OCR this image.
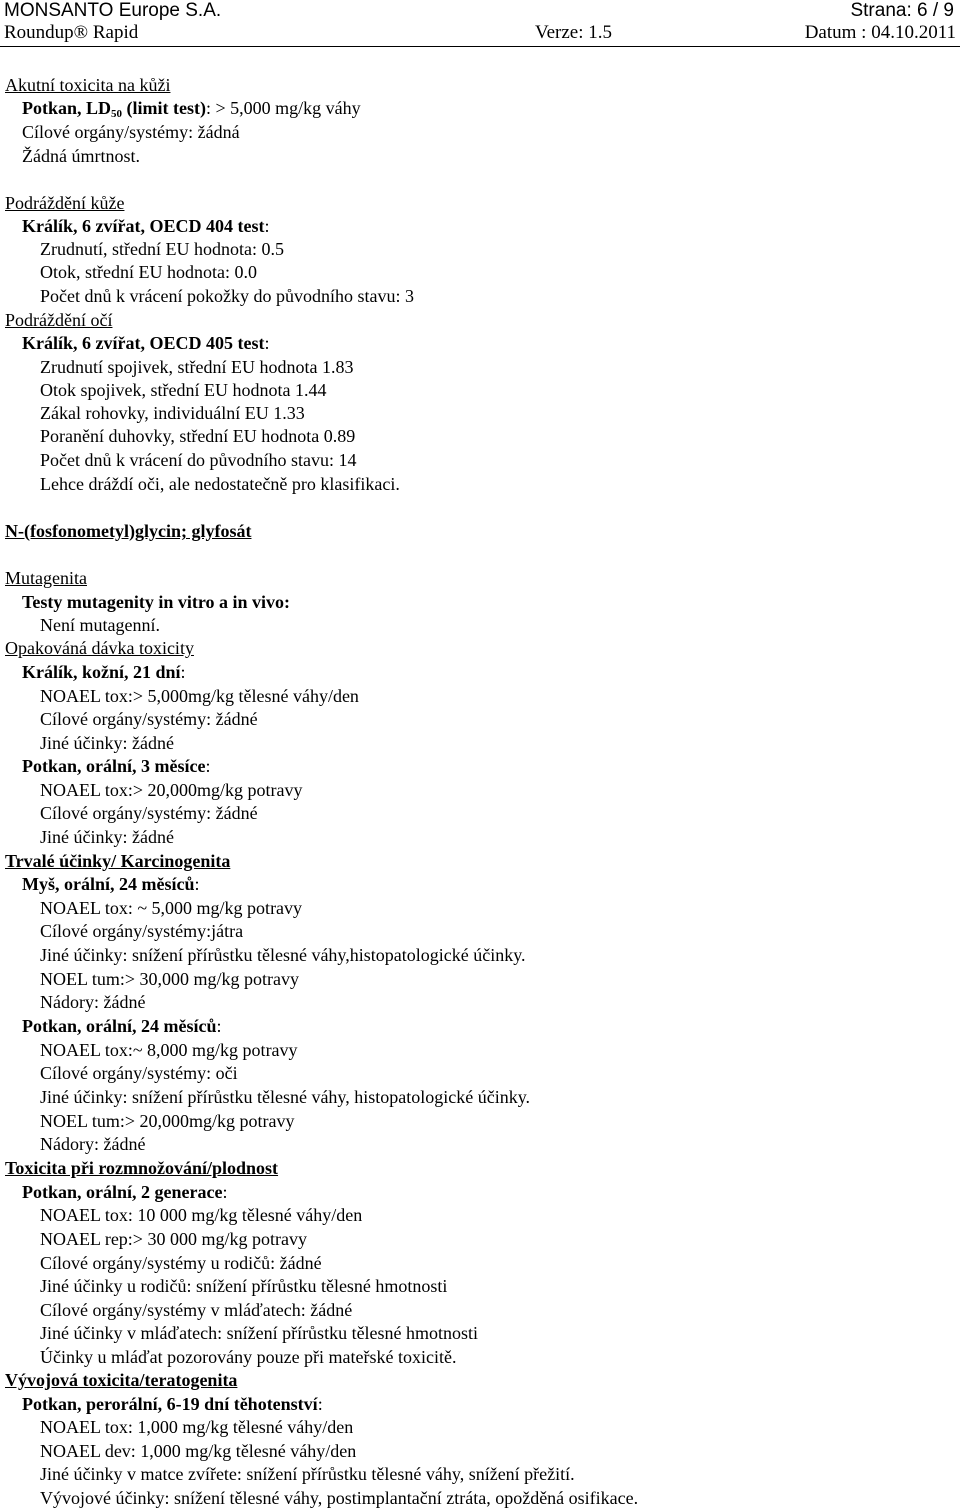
MONSANTO Europe S.A.	Strana: 6 / 9
Roundup® Rapid	Verze: 1.5	Datum : 04.10.2011
Akutní toxicita na kůži
Potkan, $LD_{50}$ (limit test): > 5,000 mg/kg váhy
Cílové orgány/systémy: žádná
Žádná úmrtnost.
Podráždění kůže
Králík, 6 zvířat, OECD 404 test:
Zrudnutí, střední EU hodnota: 0.5
Otok, střední EU hodnota: 0.0
Počet dnů k vrácení pokožky do původního stavu: 3
Podráždění očí
Králík, 6 zvířat, OECD 405 test:
Zrudnutí spojivek, střední EU hodnota 1.83
Otok spojivek, střední EU hodnota 1.44
Zákal rohovky, individuální EU 1.33
Poranění duhovky, střední EU hodnota 0.89
Počet dnů k vrácení do původního stavu: 14
Lehce dráždí oči, ale nedostatečně pro klasifikaci.
N-(fosfonometyl)glycin; glyfosát
Mutagenita
Testy mutagenity in vitro a in vivo:
Není mutagenní.
Opakováná dávka toxicity
Králík, kožní, 21 dní:
NOAEL tox:> 5,000mg/kg tělesné váhy/den
Cílové orgány/systémy: žádné
Jiné účinky: žádné
Potkan, orální, 3 měsíce:
NOAEL tox:> 20,000mg/kg potravy
Cílové orgány/systémy: žádné
Jiné účinky: žádné
Trvalé účinky/ Karcinogenita
Myš, orální, 24 měsíců:
NOAEL tox: ~ 5,000 mg/kg potravy
Cílové orgány/systémy:játra
Jiné účinky: snížení přírůstku tělesné váhy,histopatologické účinky.
NOEL tum:> 30,000 mg/kg potravy
Nádory: žádné
Potkan, orální, 24 měsíců:
NOAEL tox:~ 8,000 mg/kg potravy
Cílové orgány/systémy: oči
Jiné účinky: snížení přírůstku tělesné váhy, histopatologické účinky.
NOEL tum:> 20,000mg/kg potravy
Nádory: žádné
Toxicita při rozmnožování/plodnost
Potkan, orální, 2 generace:
NOAEL tox: 10 000 mg/kg tělesné váhy/den
NOAEL rep:> 30 000 mg/kg potravy
Cílové orgány/systémy u rodičů: žádné
Jiné účinky u rodičů: snížení přírůstku tělesné hmotnosti
Cílové orgány/systémy v mláďatech: žádné
Jiné účinky v mláďatech: snížení přírůstku tělesné hmotnosti
Účinky u mláďat pozorovány pouze při mateřské toxicitě.
Vývojová toxicita/teratogenita
Potkan, perorální, 6-19 dní těhotenství:
NOAEL tox: 1,000 mg/kg tělesné váhy/den
NOAEL dev: 1,000 mg/kg tělesné váhy/den
Jiné účinky v matce zvířete: snížení přírůstku tělesné váhy, snížení přežití.
Vývojové účinky: snížení tělesné váhy, postimplantační ztráta, opožděná osifikace.
